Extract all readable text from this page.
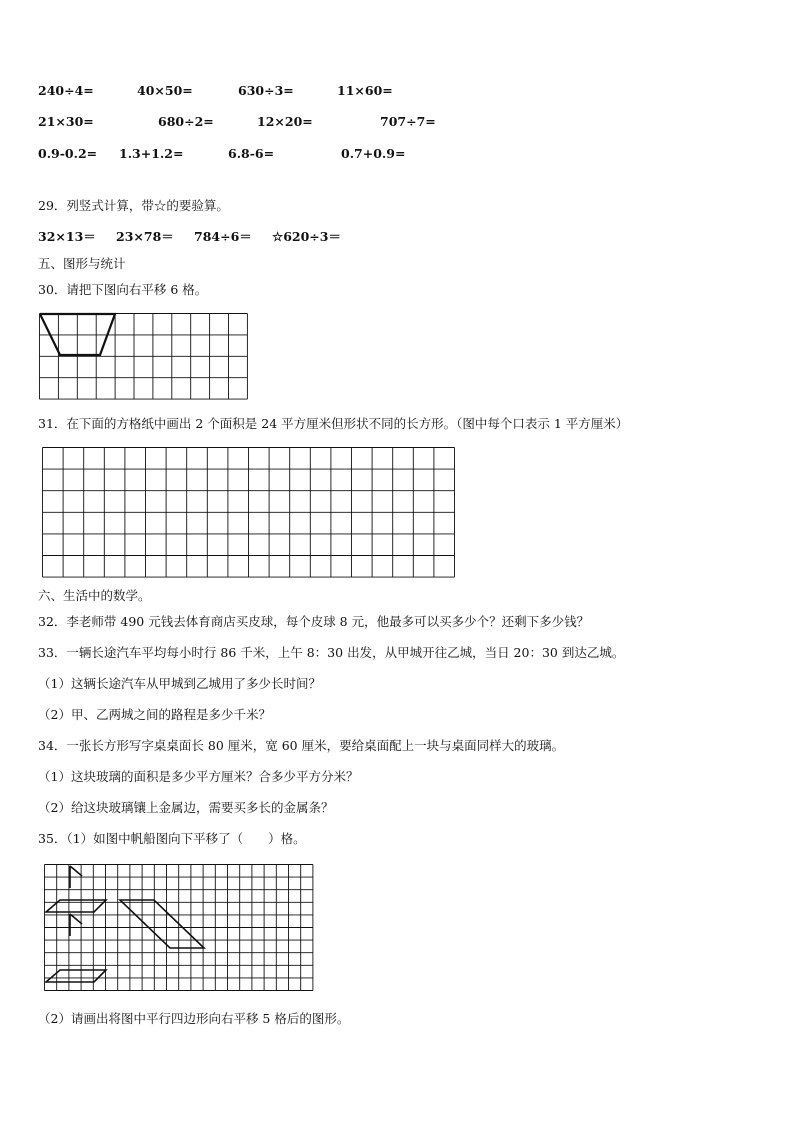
240÷4=	40×50=	630÷3=	11×60=
21×30=	680÷2=	12×20=	707÷7=
0.9-0.2= 1.3+1.2=	6.8-6=	0.7+0.9=
29．列竖式计算，带☆的要验算。
32×13＝ 23×78＝ 784÷6＝ ☆620÷3＝
五、图形与统计
30．请把下图向右平移 6 格。
31．在下面的方格纸中画出 2 个面积是 24 平方厘米但形状不同的长方形。（图中每个口表示 1 平方厘米）
六、生活中的数学。
32．李老师带 490 元钱去体育商店买皮球，每个皮球 8 元，他最多可以买多少个？还剩下多少钱？
33．一辆长途汽车平均每小时行 86 千米，上午 8：30 出发，从甲城开往乙城，当日 20：30 到达乙城。
（1）这辆长途汽车从甲城到乙城用了多少长时间？
（2）甲、乙两城之间的路程是多少千米？
34．一张长方形写字桌桌面长 80 厘米，宽 60 厘米，要给桌面配上一块与桌面同样大的玻璃。
（1）这块玻璃的面积是多少平方厘米？合多少平方分米？
（2）给这块玻璃镶上金属边，需要买多长的金属条？
35．（1）如图中帆船图向下平移了（　　）格。
（2）请画出将图中平行四边形向右平移 5 格后的图形。
